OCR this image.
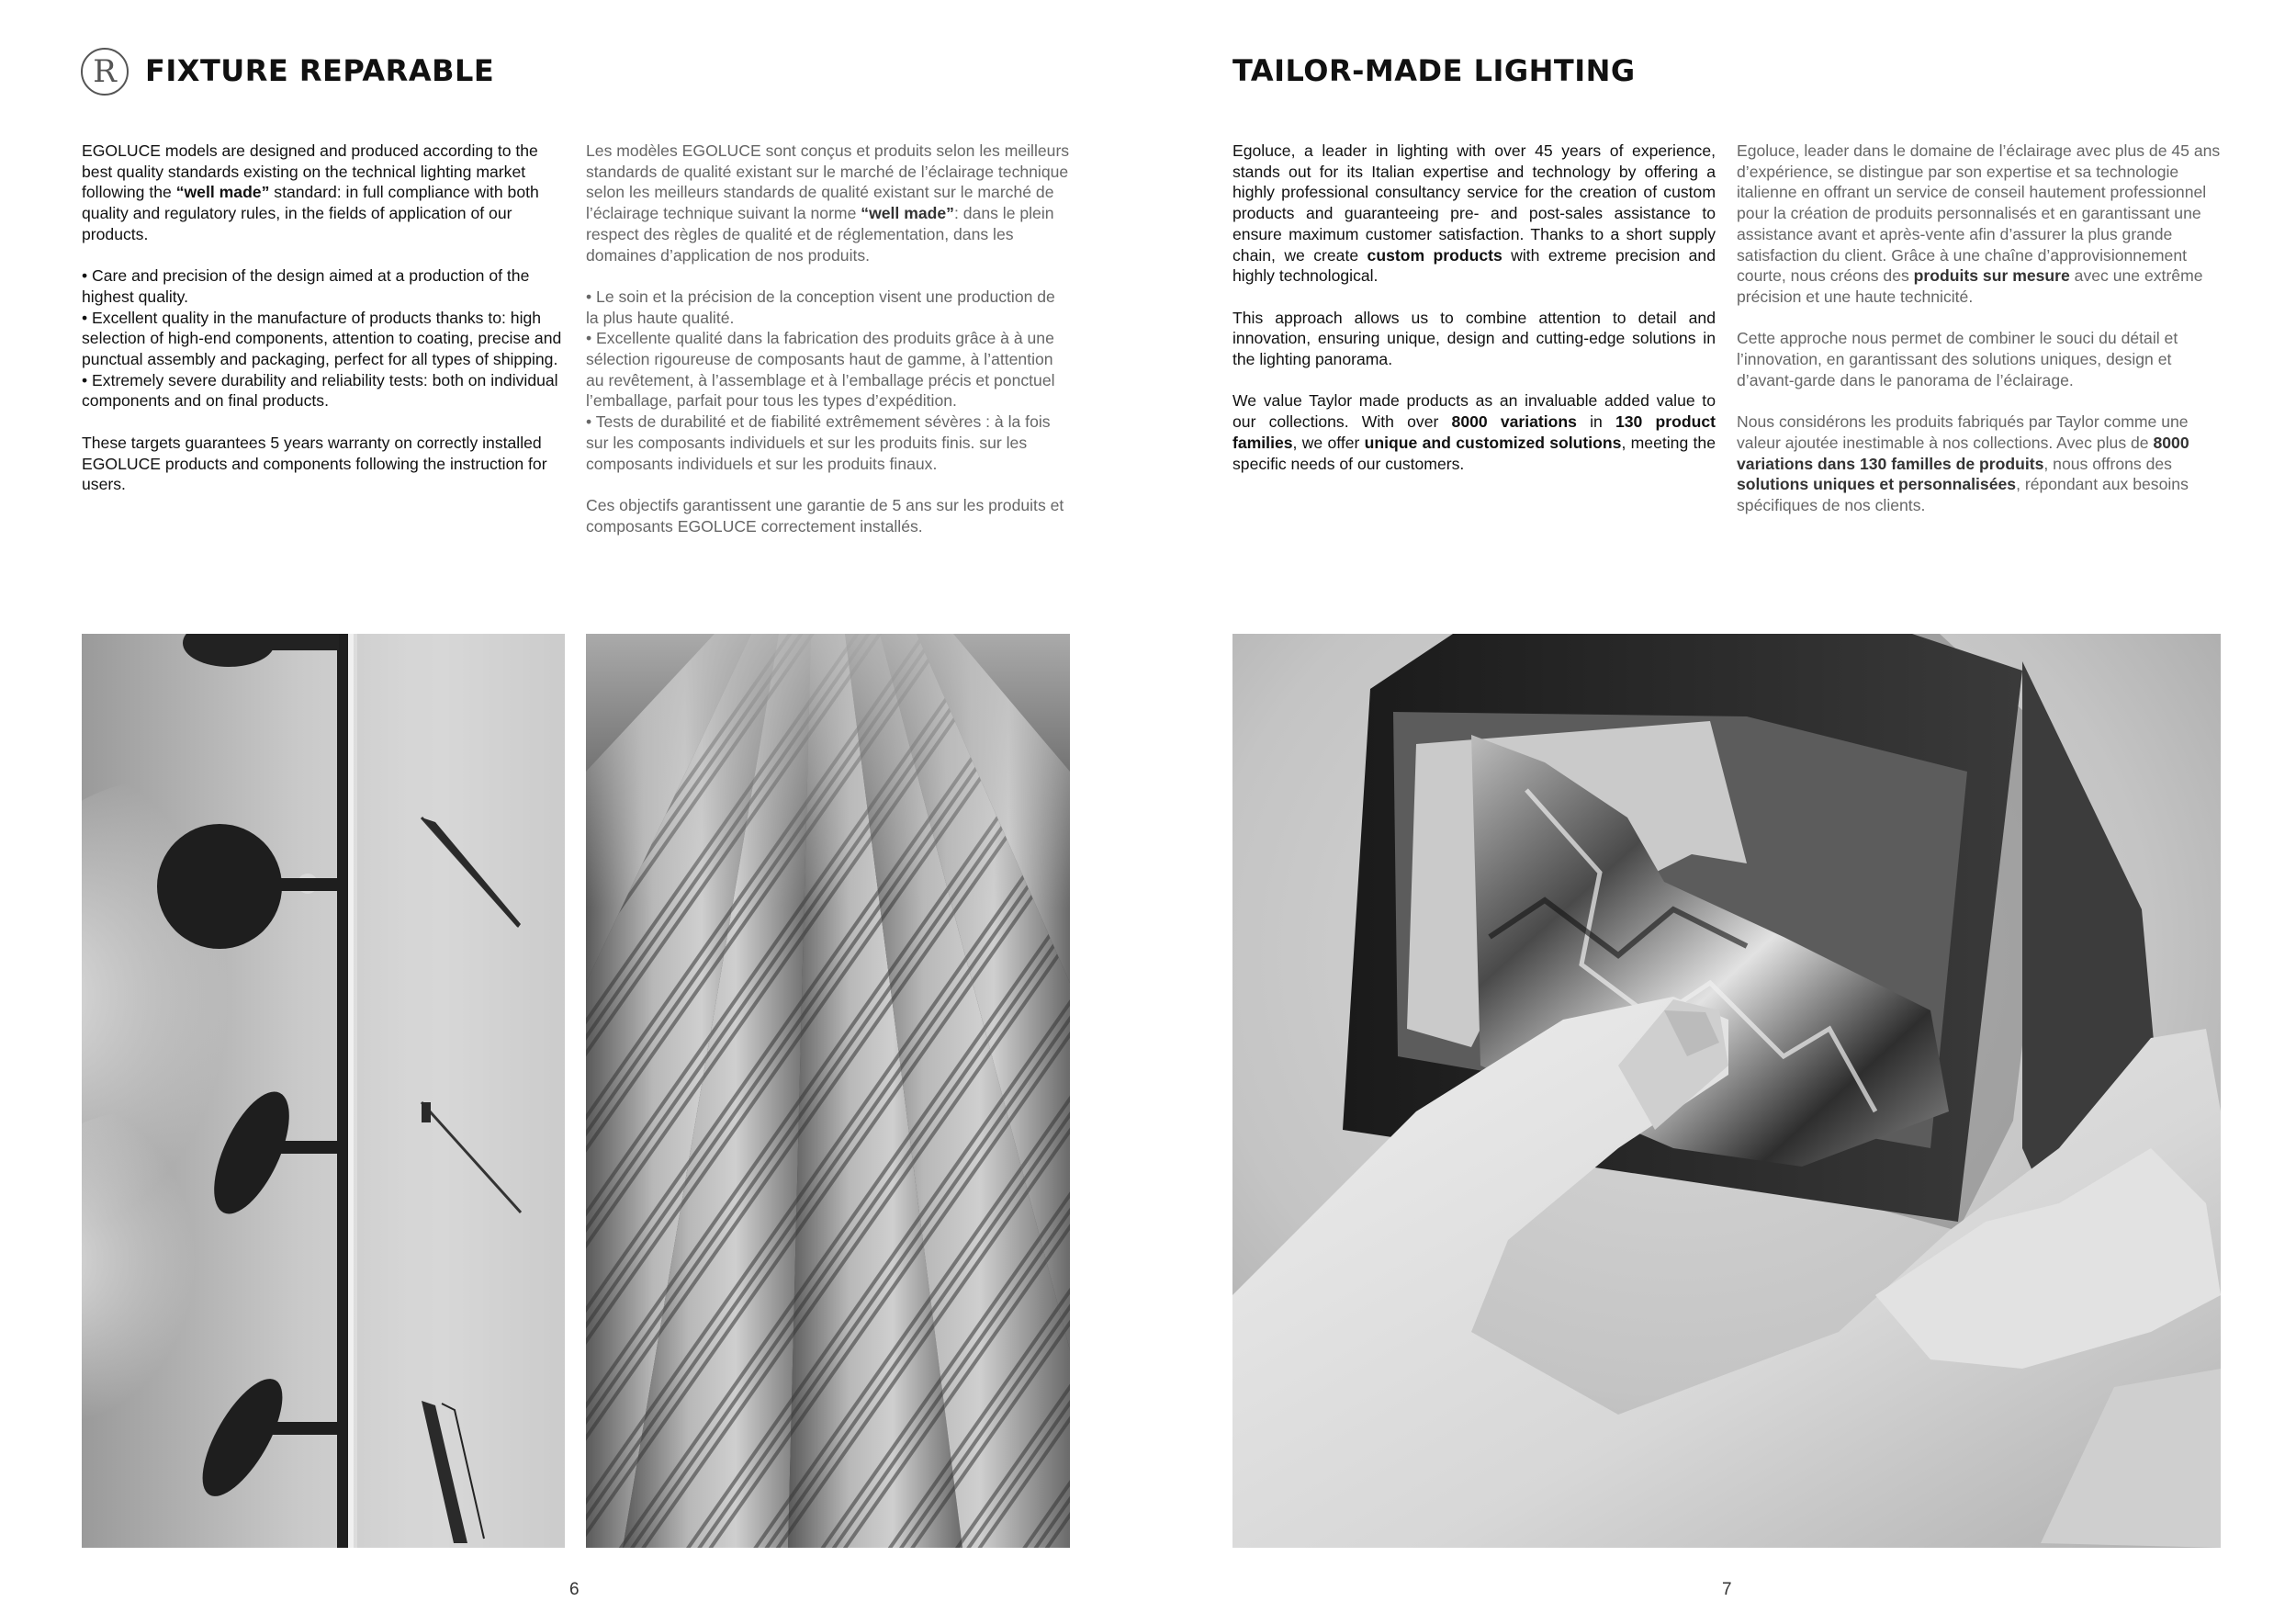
R FIXTURE REPARABLE	TAILOR-MADE LIGHTING

EGOLUCE models are designed and produced according to the best quality standards existing on the technical lighting market following the “well made” standard: in full compliance with both quality and regulatory rules, in the fields of application of our products.

• Care and precision of the design aimed at a production of the highest quality.
• Excellent quality in the manufacture of products thanks to: high selection of high-end components, attention to coating, precise and punctual assembly and packaging, perfect for all types of shipping.
• Extremely severe durability and reliability tests: both on individual components and on final products.

These targets guarantees 5 years warranty on correctly installed EGOLUCE products and components following the instruction for users.

Les modèles EGOLUCE sont conçus et produits selon les meilleurs standards de qualité existant sur le marché de l’éclairage technique selon les meilleurs standards de qualité existant sur le marché de l’éclairage technique suivant la norme “well made”: dans le plein respect des règles de qualité et de réglementation, dans les domaines d’application de nos produits.

• Le soin et la précision de la conception visent une production de la plus haute qualité.
• Excellente qualité dans la fabrication des produits grâce à à une sélection rigoureuse de composants haut de gamme, à l’attention au revêtement, à l’assemblage et à l’emballage précis et ponctuel l’emballage, parfait pour tous les types d’expédition.
• Tests de durabilité et de fiabilité extrêmement sévères : à la fois sur les composants individuels et sur les produits finis. sur les composants individuels et sur les produits finaux.

Ces objectifs garantissent une garantie de 5 ans sur les produits et composants EGOLUCE correctement installés.

Egoluce, a leader in lighting with over 45 years of experience, stands out for its Italian expertise and technology by offering a highly professional consultancy service for the creation of custom products and guaranteeing pre- and post-sales assistance to ensure maximum customer satisfaction. Thanks to a short supply chain, we create custom products with extreme precision and highly technological.

This approach allows us to combine attention to detail and innovation, ensuring unique, design and cutting-edge solutions in the lighting panorama.

We value Taylor made products as an invaluable added value to our collections. With over 8000 variations in 130 product families, we offer unique and customized solutions, meeting the specific needs of our customers.

Egoluce, leader dans le domaine de l’éclairage avec plus de 45 ans d’expérience, se distingue par son expertise et sa technologie italienne en offrant un service de conseil hautement professionnel pour la création de produits personnalisés et en garantissant une assistance avant et après-vente afin d’assurer la plus grande satisfaction du client. Grâce à une chaîne d’approvisionnement courte, nous créons des produits sur mesure avec une extrême précision et une haute technicité.

Cette approche nous permet de combiner le souci du détail et l’innovation, en garantissant des solutions uniques, design et d’avant-garde dans le panorama de l’éclairage.

Nous considérons les produits fabriqués par Taylor comme une valeur ajoutée inestimable à nos collections. Avec plus de 8000 variations dans 130 familles de produits, nous offrons des solutions uniques et personnalisées, répondant aux besoins spécifiques de nos clients.

6	7
